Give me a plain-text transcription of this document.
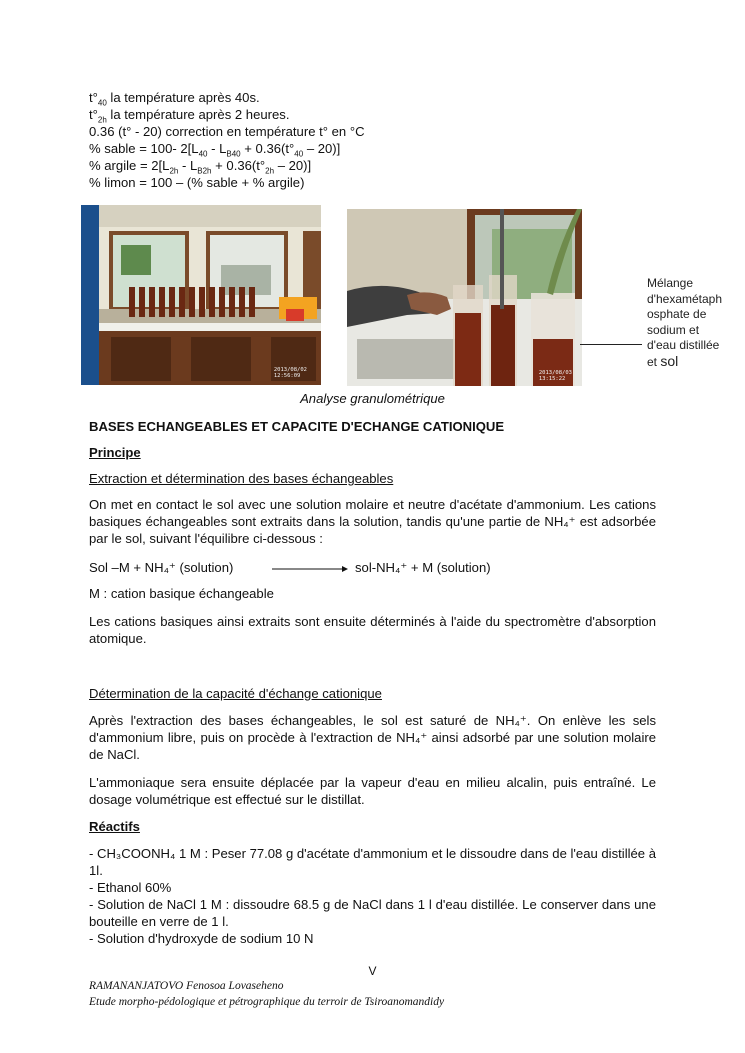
$t^\circ_{40}$ la température après 40s.
$t^\circ_{2h}$ la température après 2 heures.
0.36 (t° - 20) correction en température t° en °C
% sable = 100- $2[L_{40} - L_{B40} + 0.36(t^\circ_{40} - 20)]$
% argile = $2[L_{2h} - L_{B2h} + 0.36(t^\circ_{2h} - 20)]$
% limon = 100 – (% sable + % argile)
2013/08/02
12:56:09	2013/08/03
13:15:22
Mélange
d'hexamétaph
osphate de
sodium et
d'eau distillée
et sol
Analyse granulométrique
BASES ECHANGEABLES ET CAPACITE D'ECHANGE CATIONIQUE
Principe
Extraction et détermination des bases échangeables
On met en contact le sol avec une solution molaire et neutre d'acétate d'ammonium. Les cations basiques échangeables sont extraits dans la solution, tandis qu'une partie de NH₄⁺ est adsorbée par le sol, suivant l'équilibre ci-dessous :
Sol –M + NH₄⁺ (solution)	sol-NH₄⁺ + M (solution)
M : cation basique échangeable
Les cations basiques ainsi extraits sont ensuite déterminés à l'aide du spectromètre d'absorption atomique.
Détermination de la capacité d'échange cationique
Après l'extraction des bases échangeables, le sol est saturé de NH₄⁺. On enlève les sels d'ammonium libre, puis on procède à l'extraction de NH₄⁺ ainsi adsorbé par une solution molaire de NaCl.
L'ammoniaque sera ensuite déplacée par la vapeur d'eau en milieu alcalin, puis entraîné. Le dosage volumétrique est effectué sur le distillat.
Réactifs
- CH₃COONH₄ 1 M : Peser 77.08 g d'acétate d'ammonium et le dissoudre dans de l'eau distillée à 1l.
- Ethanol 60%
- Solution de NaCl 1 M : dissoudre 68.5 g de NaCl dans 1 l d'eau distillée. Le conserver dans une bouteille en verre de 1 l.
- Solution d'hydroxyde de sodium 10 N
V
RAMANANJATOVO Fenosoa Lovaseheno
Etude morpho-pédologique et pétrographique du terroir de Tsiroanomandidy
